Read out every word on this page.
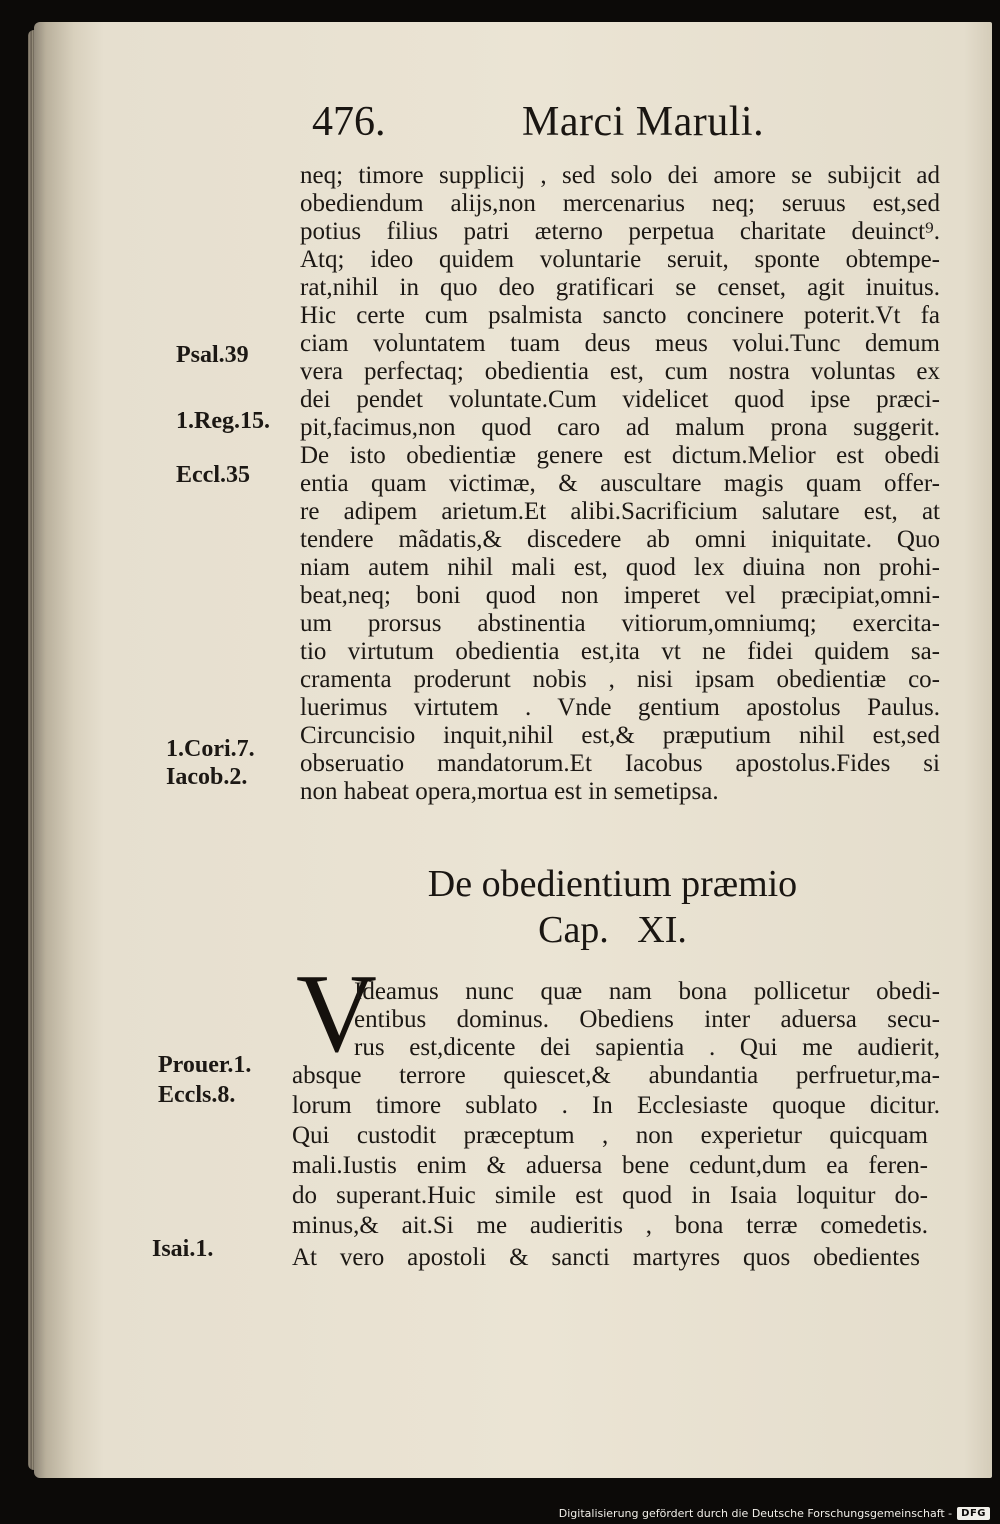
476.	Marci Maruli.
neq; timore supplicij , sed solo dei amore se subijcit ad
obediendum alijs,non mercenarius neq; seruus est,sed
potius filius patri æterno perpetua charitate deuinct⁹.
Atq; ideo quidem voluntarie seruit, sponte obtempe-
rat,nihil in quo deo gratificari se censet, agit inuitus.
Hic certe cum psalmista sancto concinere poterit.Vt fa
ciam voluntatem tuam deus meus volui.Tunc demum
vera perfectaq; obedientia est, cum nostra voluntas ex
dei pendet voluntate.Cum videlicet quod ipse præci-
pit,facimus,non quod caro ad malum prona suggerit.
De isto obedientiæ genere est dictum.Melior est obedi
entia quam victimæ, & auscultare magis quam offer-
re adipem arietum.Et alibi.Sacrificium salutare est, at
tendere mãdatis,& discedere ab omni iniquitate. Quo
niam autem nihil mali est, quod lex diuina non prohi-
beat,neq; boni quod non imperet vel præcipiat,omni-
um prorsus abstinentia vitiorum,omniumq; exercita-
tio virtutum obedientia est,ita vt ne fidei quidem sa-
cramenta proderunt nobis , nisi ipsam obedientiæ co-
luerimus virtutem . Vnde gentium apostolus Paulus.
Circuncisio inquit,nihil est,& præputium nihil est,sed
obseruatio mandatorum.Et Iacobus apostolus.Fides si
non habeat opera,mortua est in semetipsa.
Psal.39
1.Reg.15.
Eccl.35
1.Cori.7.
Iacob.2.
De obedientium præmio
Cap.   XI.
V
Ideamus nunc quæ nam bona pollicetur obedi-
entibus dominus. Obediens inter aduersa secu-
rus est,dicente dei sapientia . Qui me audierit,
absque terrore quiescet,& abundantia perfruetur,ma-
lorum timore sublato . In Ecclesiaste quoque dicitur.
Qui custodit præceptum , non experietur quicquam
mali.Iustis enim & aduersa bene cedunt,dum ea feren-
do superant.Huic simile est quod in Isaia loquitur do-
minus,& ait.Si me audieritis , bona terræ comedetis.
At vero apostoli & sancti martyres quos obedientes
Prouer.1.
Eccls.8.
Isai.1.
Digitalisierung gefördert durch die Deutsche Forschungsgemeinschaft - DFG
